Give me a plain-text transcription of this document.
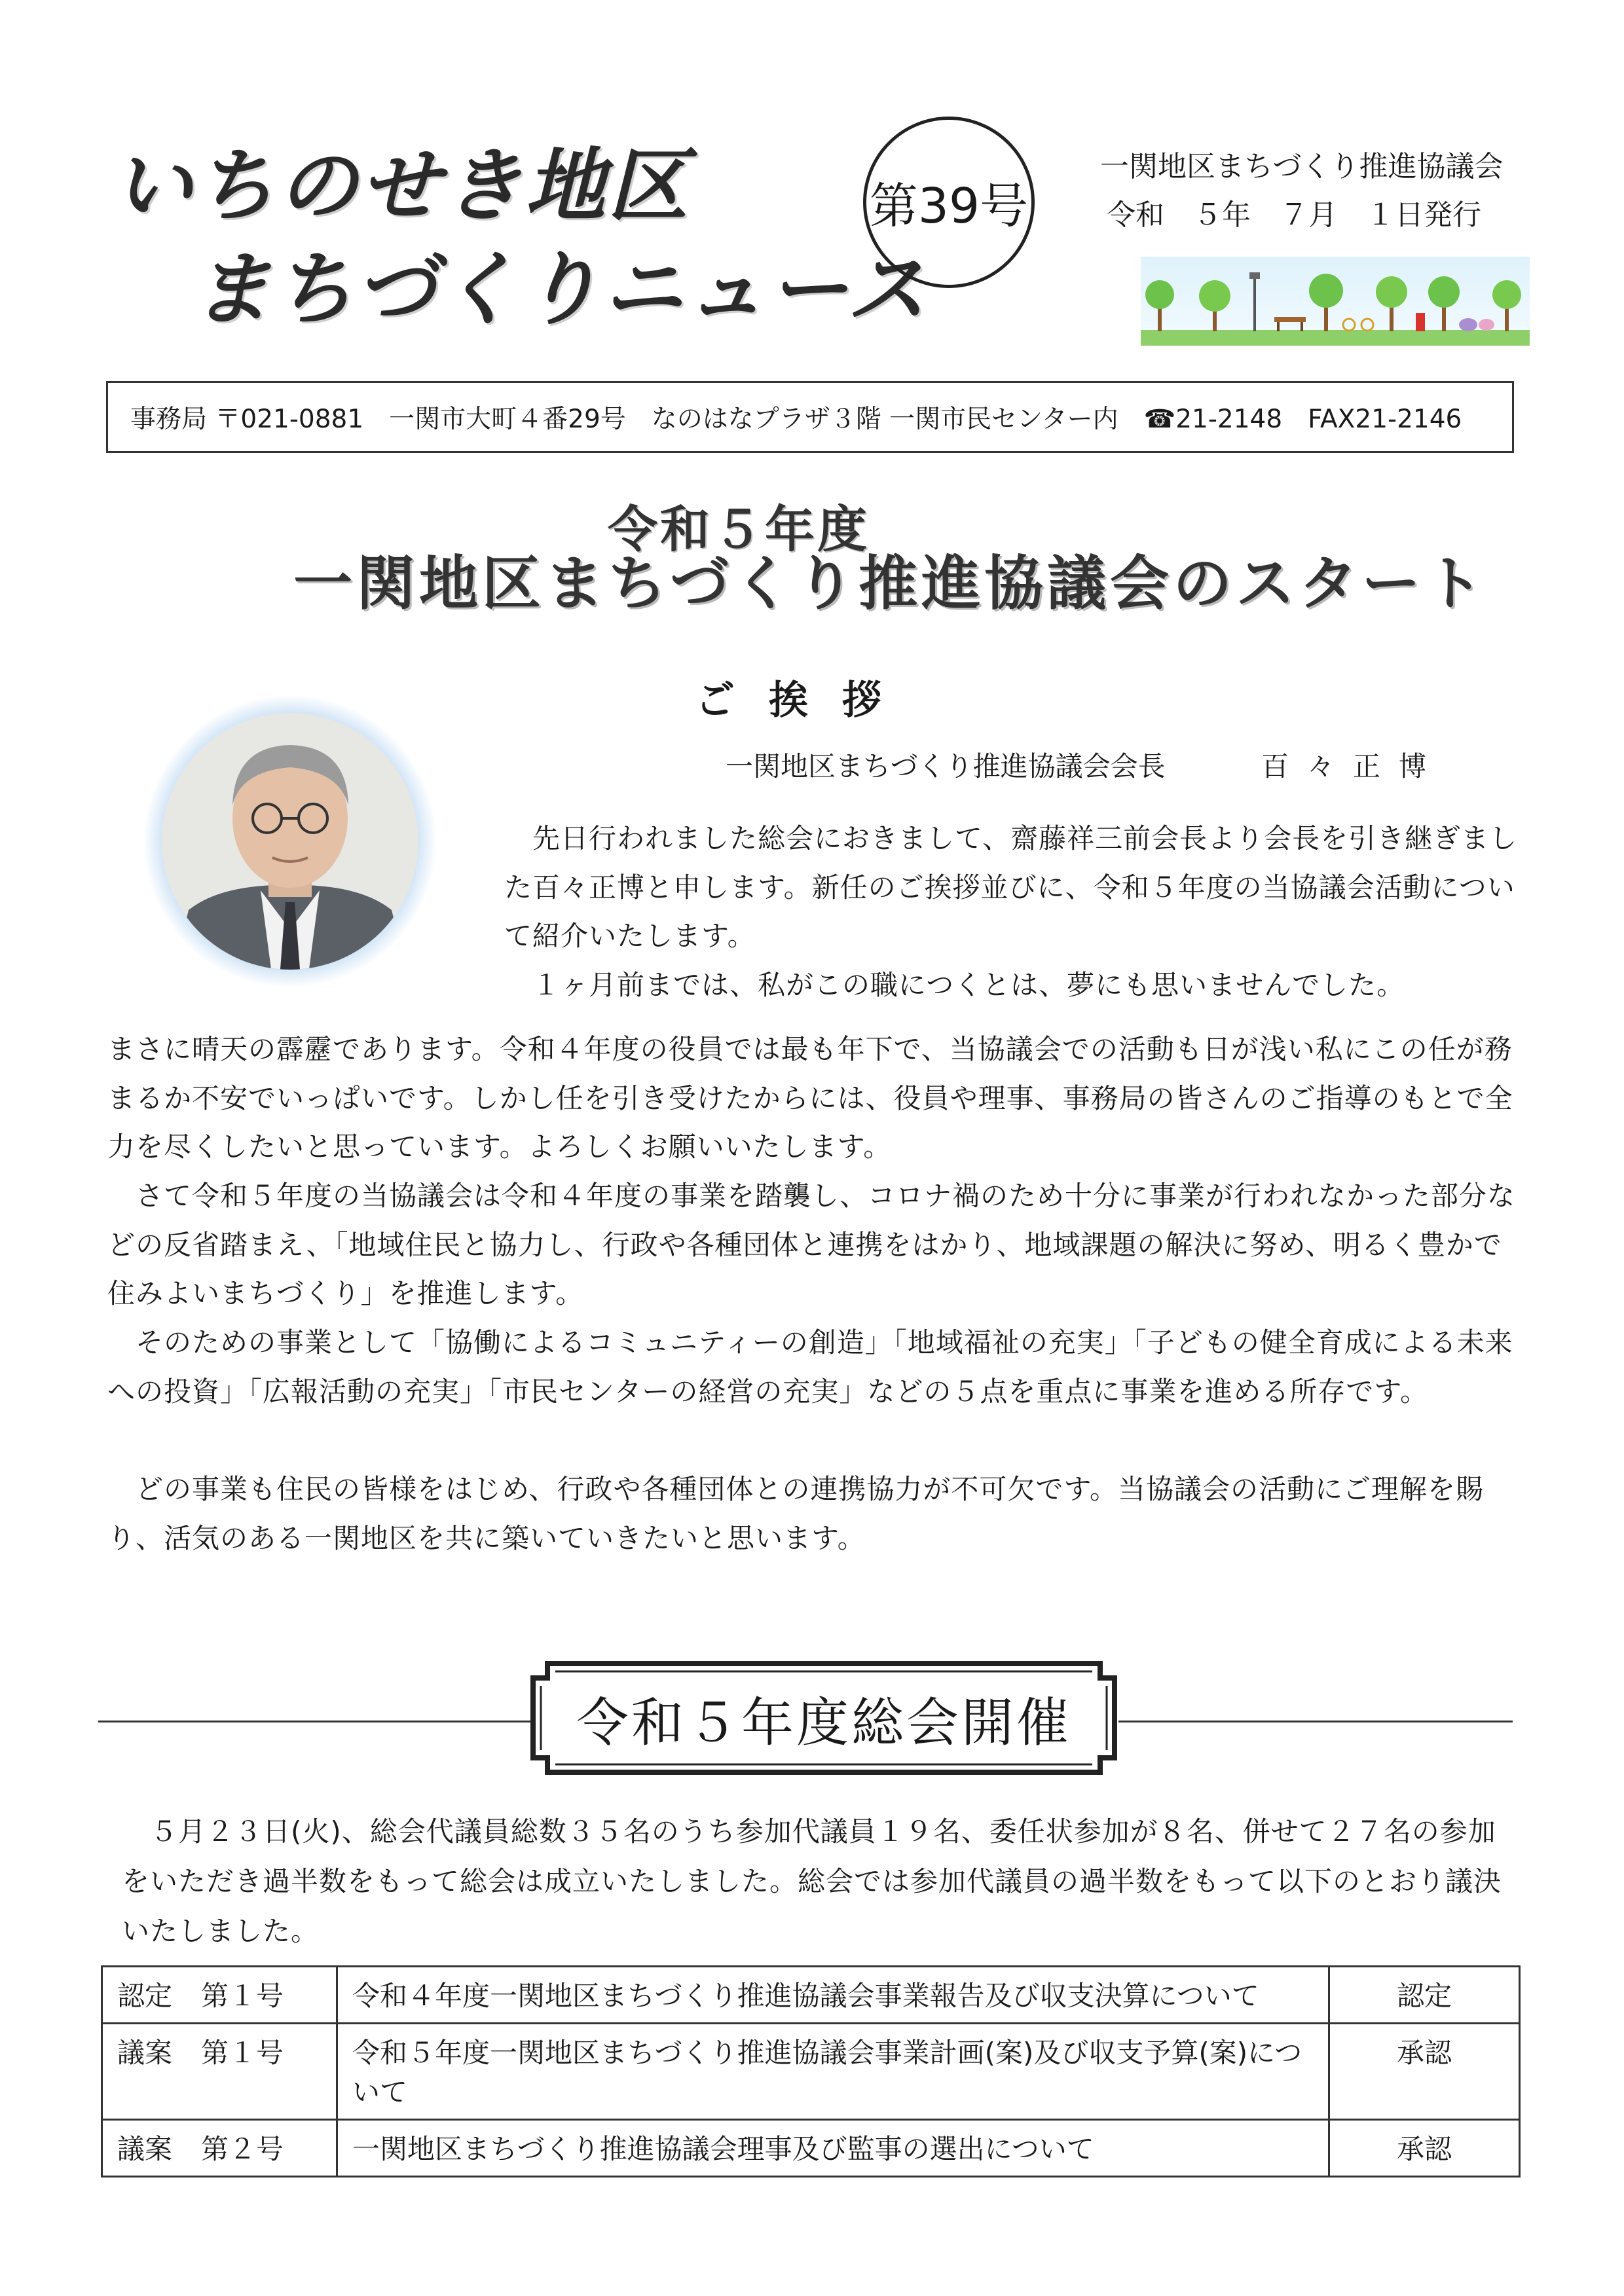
いちのせき地区
まちづくりニュース
第39号
一関地区まちづくり推進協議会
令和　５年　７月　１日発行
事務局 〒021-0881　一関市大町４番29号　なのはなプラザ３階 一関市民センター内　☎21-2148　FAX21-2146
令和５年度
一関地区まちづくり推進協議会のスタート
ご挨拶
一関地区まちづくり推進協議会会長	百々正博
　先日行われました総会におきまして、齋藤祥三前会長より会長を引き継ぎました百々正博と申します。新任のご挨拶並びに、令和５年度の当協議会活動について紹介いたします。
　１ヶ月前までは、私がこの職につくとは、夢にも思いませんでした。
まさに晴天の霹靂であります。令和４年度の役員では最も年下で、当協議会での活動も日が浅い私にこの任が務まるか不安でいっぱいです。しかし任を引き受けたからには、役員や理事、事務局の皆さんのご指導のもとで全力を尽くしたいと思っています。よろしくお願いいたします。
　さて令和５年度の当協議会は令和４年度の事業を踏襲し、コロナ禍のため十分に事業が行われなかった部分などの反省踏まえ、「地域住民と協力し、行政や各種団体と連携をはかり、地域課題の解決に努め、明るく豊かで住みよいまちづくり」を推進します。
　そのための事業として「協働によるコミュニティーの創造」「地域福祉の充実」「子どもの健全育成による未来への投資」「広報活動の充実」「市民センターの経営の充実」などの５点を重点に事業を進める所存です。
　どの事業も住民の皆様をはじめ、行政や各種団体との連携協力が不可欠です。当協議会の活動にご理解を賜り、活気のある一関地区を共に築いていきたいと思います。
令和５年度総会開催
　５月２３日(火)、総会代議員総数３５名のうち参加代議員１９名、委任状参加が８名、併せて２７名の参加をいただき過半数をもって総会は成立いたしました。総会では参加代議員の過半数をもって以下のとおり議決いたしました。
認定 第１号	令和４年度一関地区まちづくり推進協議会事業報告及び収支決算について	認定
議案 第１号	令和５年度一関地区まちづくり推進協議会事業計画(案)及び収支予算(案)について	承認
議案 第２号	一関地区まちづくり推進協議会理事及び監事の選出について	承認
